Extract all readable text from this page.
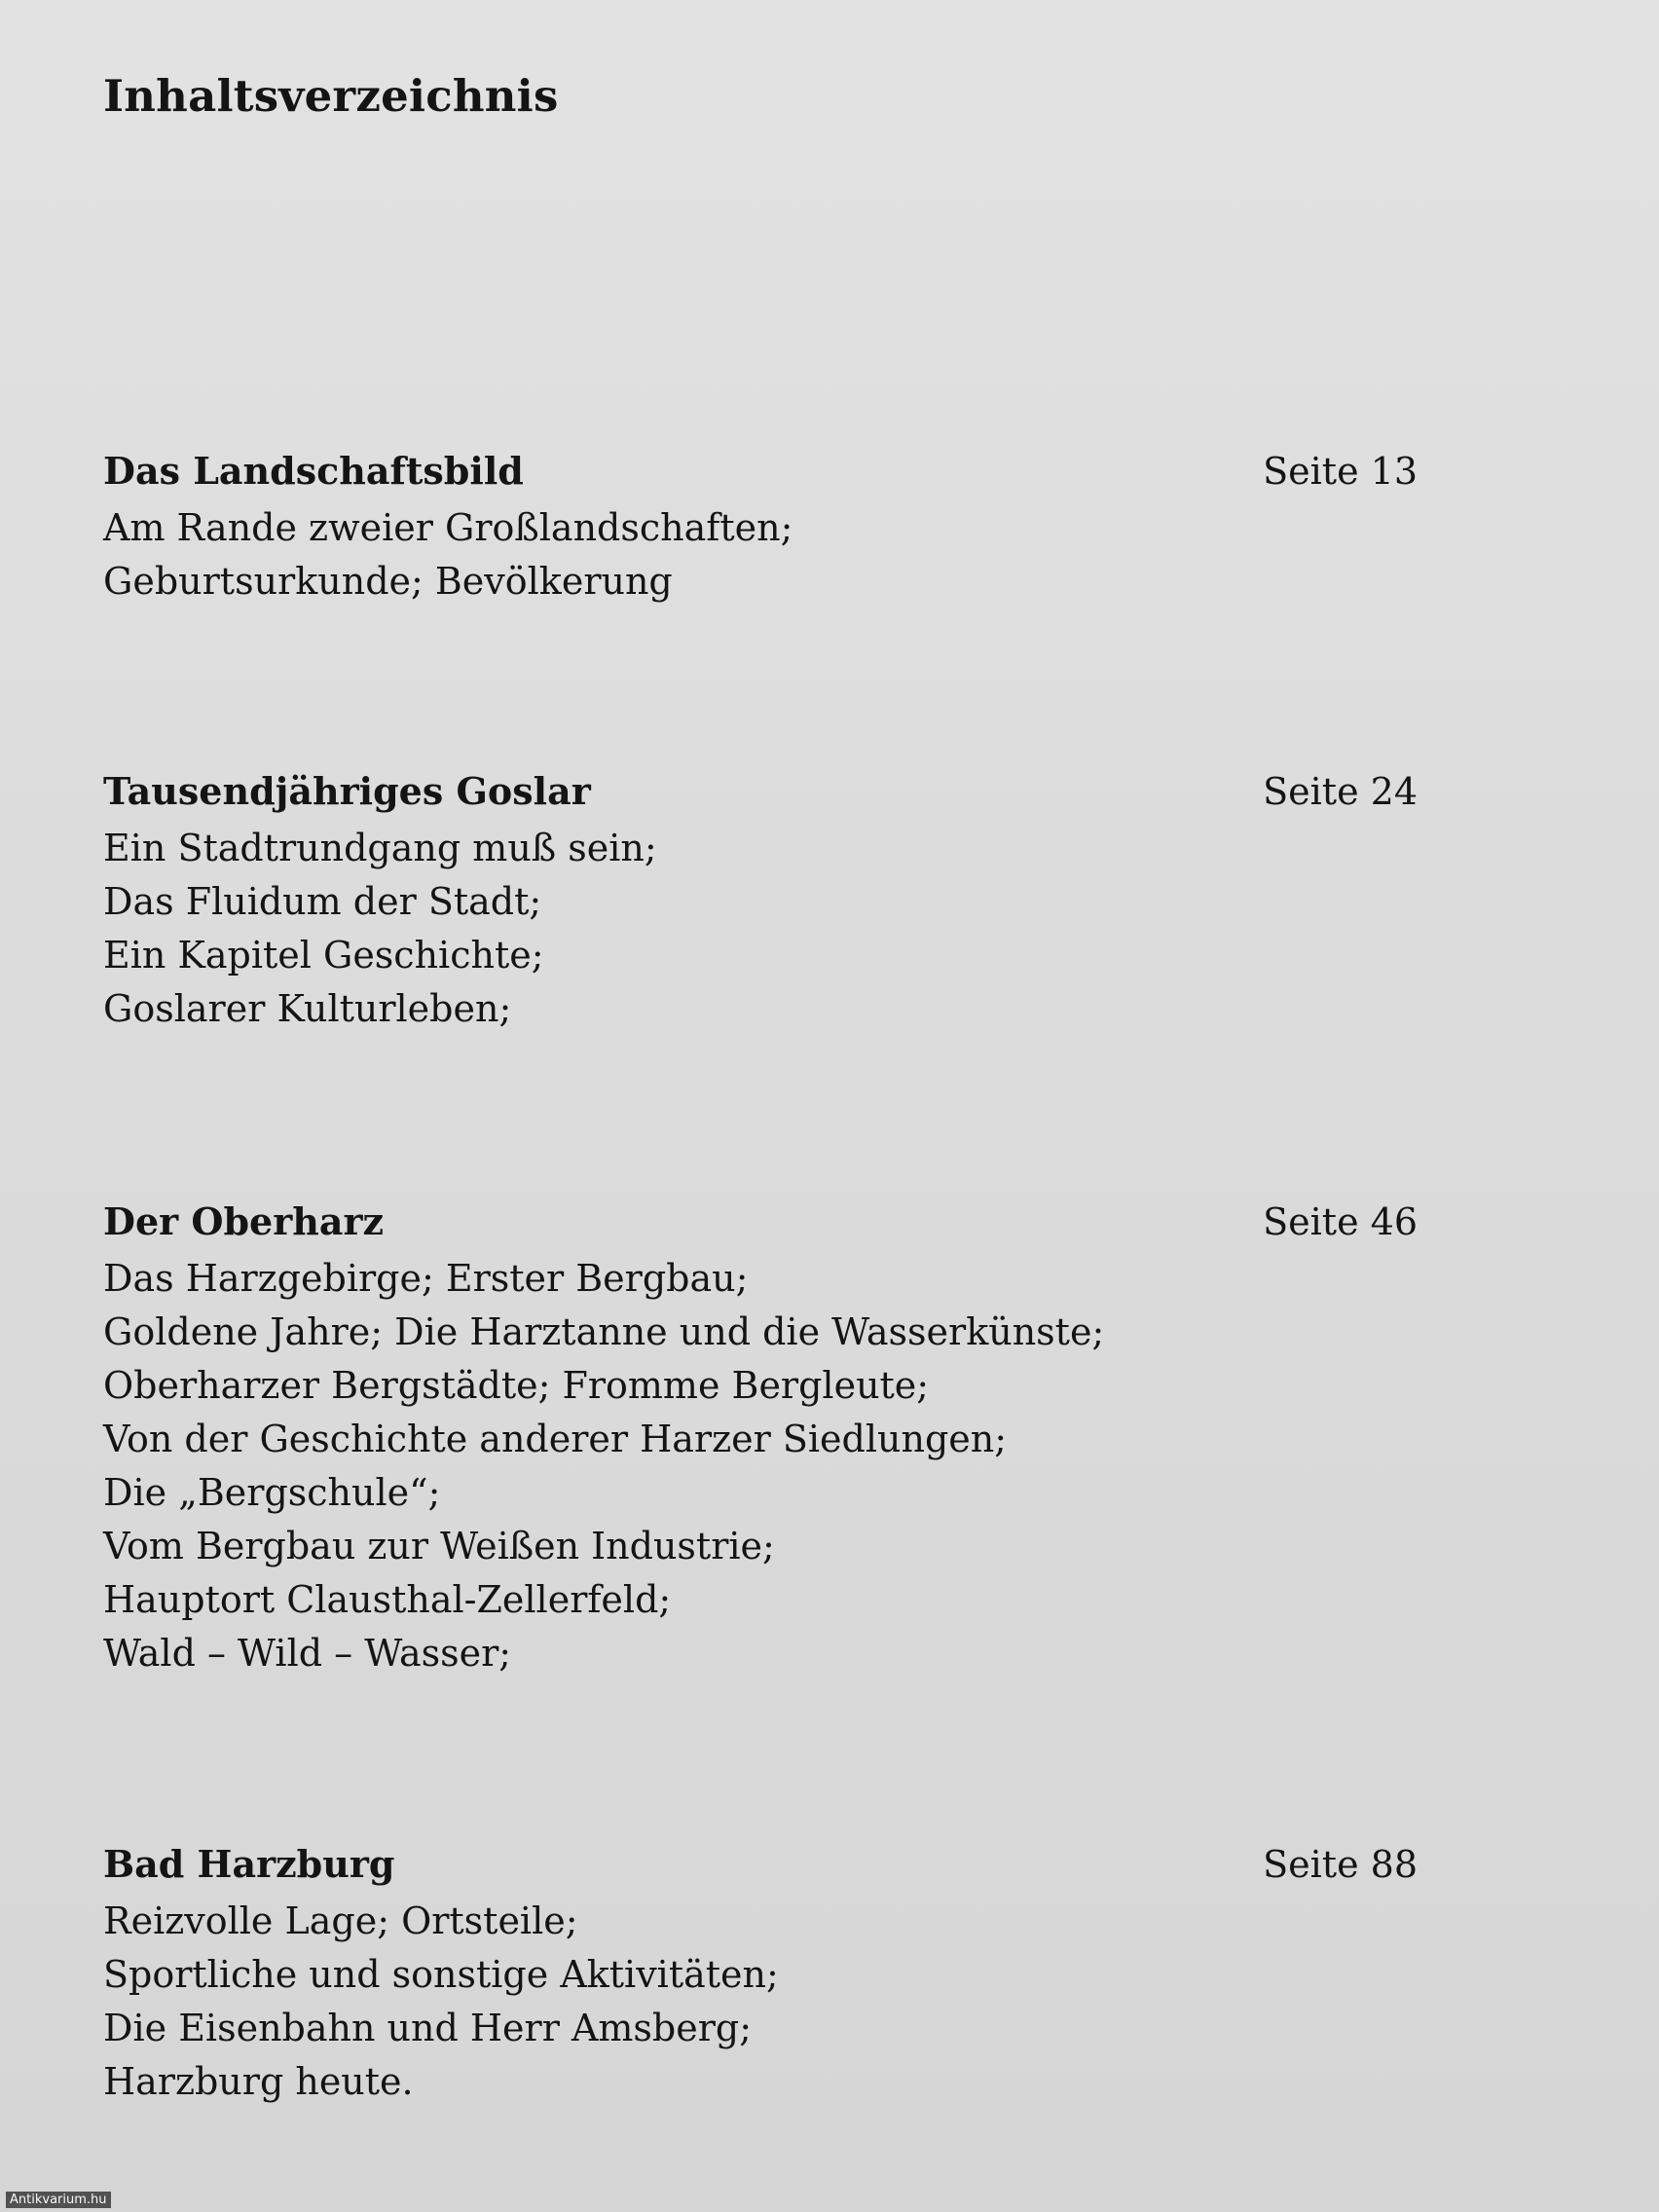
Inhaltsverzeichnis
Das Landschaftsbild	Seite 13
Am Rande zweier Großlandschaften;
Geburtsurkunde; Bevölkerung
Tausendjähriges Goslar	Seite 24
Ein Stadtrundgang muß sein;
Das Fluidum der Stadt;
Ein Kapitel Geschichte;
Goslarer Kulturleben;
Der Oberharz	Seite 46
Das Harzgebirge; Erster Bergbau;
Goldene Jahre; Die Harztanne und die Wasserkünste;
Oberharzer Bergstädte; Fromme Bergleute;
Von der Geschichte anderer Harzer Siedlungen;
Die „Bergschule“;
Vom Bergbau zur Weißen Industrie;
Hauptort Clausthal-Zellerfeld;
Wald – Wild – Wasser;
Bad Harzburg	Seite 88
Reizvolle Lage; Ortsteile;
Sportliche und sonstige Aktivitäten;
Die Eisenbahn und Herr Amsberg;
Harzburg heute.
Antikvarium.hu
